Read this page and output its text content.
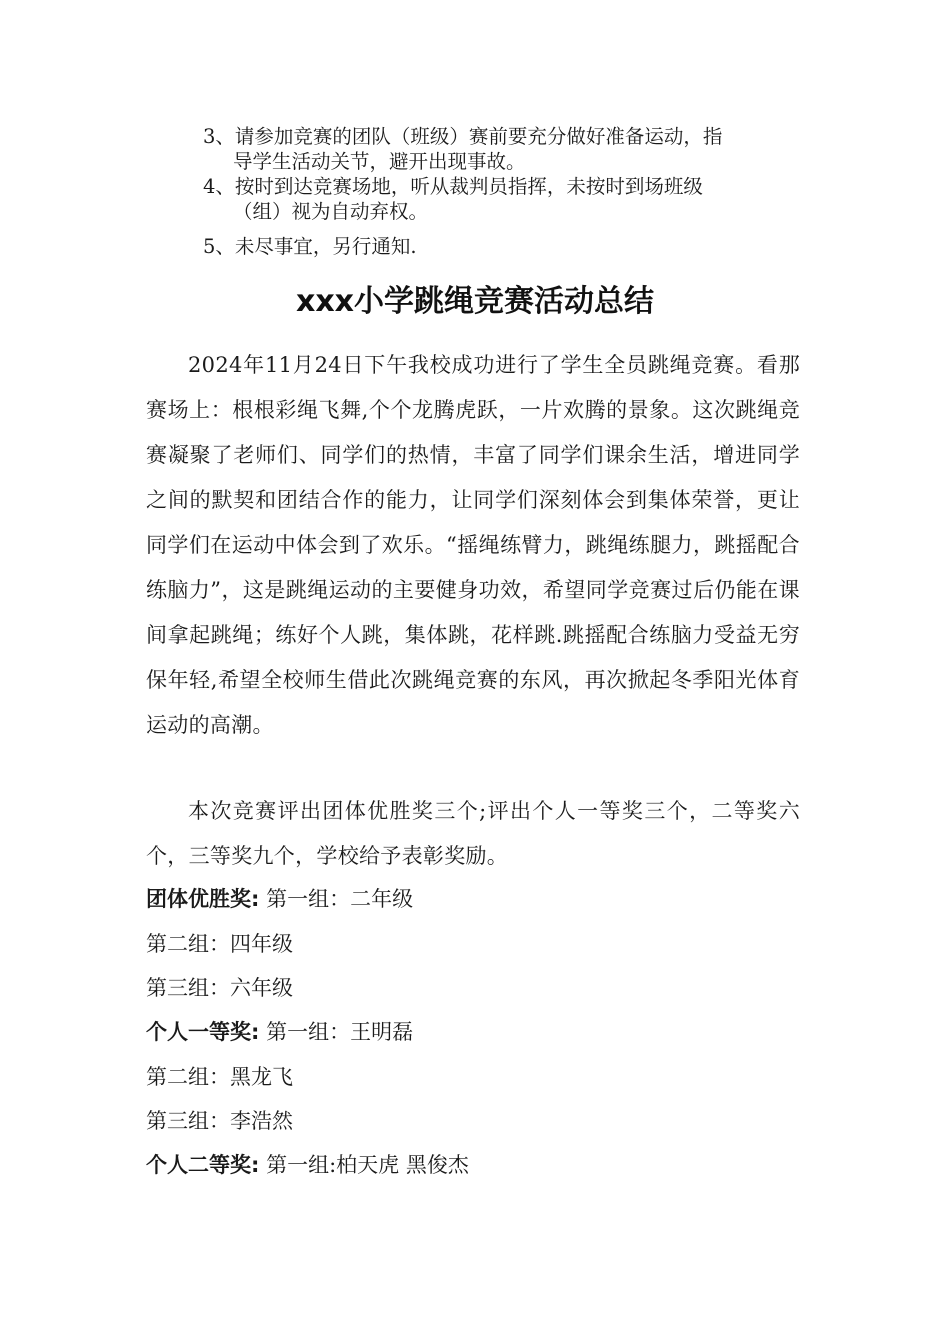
3、请参加竞赛的团队（班级）赛前要充分做好准备运动，指
导学生活动关节，避开出现事故。
4、按时到达竞赛场地，听从裁判员指挥，未按时到场班级
（组）视为自动弃权。
5、未尽事宜，另行通知.
xxx小学跳绳竞赛活动总结
2024年11月24日下午我校成功进行了学生全员跳绳竞赛。看那赛场上：根根彩绳飞舞,个个龙腾虎跃，一片欢腾的景象。这次跳绳竞赛凝聚了老师们、同学们的热情，丰富了同学们课余生活，增进同学之间的默契和团结合作的能力，让同学们深刻体会到集体荣誉，更让同学们在运动中体会到了欢乐。“摇绳练臂力，跳绳练腿力，跳摇配合练脑力”，这是跳绳运动的主要健身功效，希望同学竞赛过后仍能在课间拿起跳绳；练好个人跳，集体跳，花样跳.跳摇配合练脑力受益无穷保年轻,希望全校师生借此次跳绳竞赛的东风，再次掀起冬季阳光体育运动的高潮。
本次竞赛评出团体优胜奖三个;评出个人一等奖三个，二等奖六个，三等奖九个，学校给予表彰奖励。
团体优胜奖: 第一组：二年级
第二组：四年级
第三组：六年级
个人一等奖: 第一组：王明磊
第二组：黑龙飞
第三组：李浩然
个人二等奖: 第一组:柏天虎 黑俊杰
